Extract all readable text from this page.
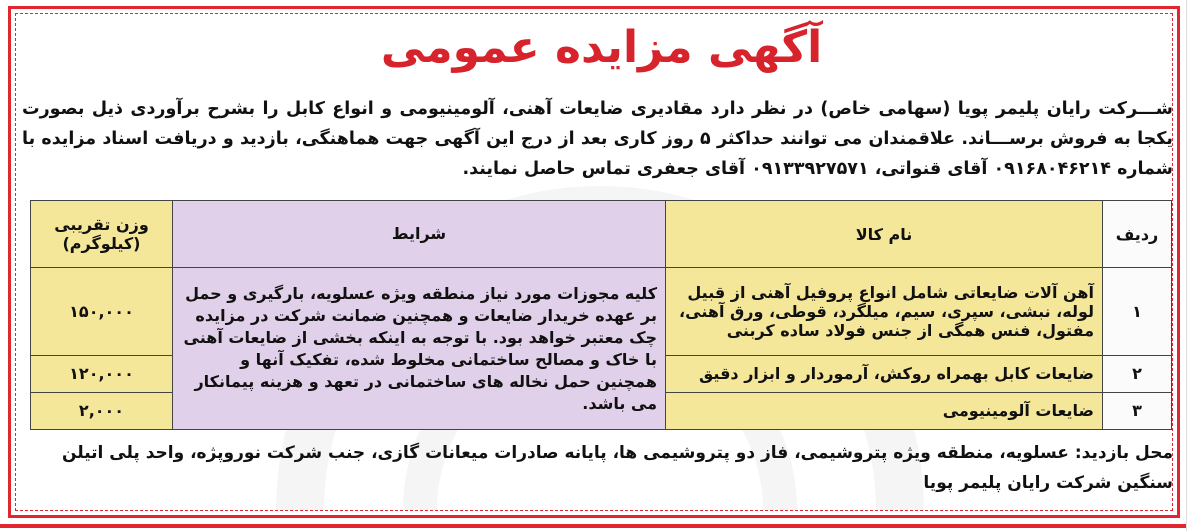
آگهی مزایده عمومی
شـــرکت رایان پلیمر پویا (سهامی خاص) در نظر دارد مقادیری ضایعات آهنی، آلومینیومی و انواع کابل را بشرح برآوردی ذیل بصورت یکجا به فروش برســـاند. علاقمندان می توانند حداکثر ۵ روز کاری بعد از درج این آگهی جهت هماهنگی، بازدید و دریافت اسناد مزایده با شماره ۰۹۱۶۸۰۴۶۲۱۴ آقای قنواتی، ۰۹۱۳۳۹۲۷۵۷۱ آقای جعفری تماس حاصل نمایند.
ردیف	نام کالا	شرایط	وزن تقریبی (کیلوگرم)
۱	آهن آلات ضایعاتی شامل انواع پروفیل آهنی از قبیل لوله، نبشی، سپری، سیم، میلگرد، قوطی، ورق آهنی، مفتول، فنس همگی از جنس فولاد ساده کربنی	کلیه مجوزات مورد نیاز منطقه ویژه عسلویه، بارگیری و حمل بر عهده خریدار ضایعات و همچنین ضمانت شرکت در مزایده چک معتبر خواهد بود. با توجه به اینکه بخشی از ضایعات آهنی با خاک و مصالح ساختمانی مخلوط شده، تفکیک آنها و همچنین حمل نخاله های ساختمانی در تعهد و هزینه پیمانکار می باشد.	۱۵۰,۰۰۰
۲	ضایعات کابل بهمراه روکش، آرموردار و ابزار دقیق		۱۲۰,۰۰۰
۳	ضایعات آلومینیومی		۲,۰۰۰
محل بازدید: عسلویه، منطقه ویژه پتروشیمی، فاز دو پتروشیمی ها، پایانه صادرات میعانات گازی، جنب شرکت نوروپژه، واحد پلی اتیلن سنگین شرکت رایان پلیمر پویا
